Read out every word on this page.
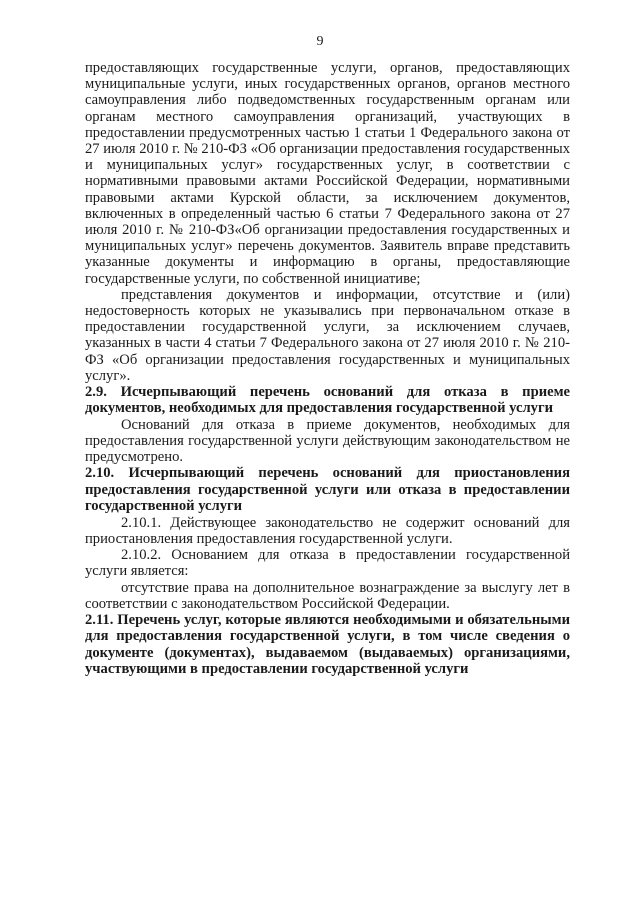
9

предоставляющих государственные услуги, органов, предоставляющих муниципальные услуги, иных государственных органов, органов местного самоуправления либо подведомственных государственным органам или органам местного самоуправления организаций, участвующих в предоставлении предусмотренных частью 1 статьи 1 Федерального закона от 27 июля 2010 г. № 210-ФЗ «Об организации предоставления государственных и муниципальных услуг» государственных услуг, в соответствии с нормативными правовыми актами Российской Федерации, нормативными правовыми актами Курской области, за исключением документов, включенных в определенный частью 6 статьи 7 Федерального закона от 27 июля 2010 г. № 210-ФЗ«Об организации предоставления государственных и муниципальных услуг» перечень документов. Заявитель вправе представить указанные документы и информацию в органы, предоставляющие государственные услуги, по собственной инициативе;

представления документов и информации, отсутствие и (или) недостоверность которых не указывались при первоначальном отказе в предоставлении государственной услуги, за исключением случаев, указанных в части 4 статьи 7 Федерального закона от 27 июля 2010 г. № 210-ФЗ «Об организации предоставления государственных и муниципальных услуг».

2.9. Исчерпывающий перечень оснований для отказа в приеме документов, необходимых для предоставления государственной услуги

Оснований для отказа в приеме документов, необходимых для предоставления государственной услуги действующим законодательством не предусмотрено.

2.10. Исчерпывающий перечень оснований для приостановления предоставления государственной услуги или отказа в предоставлении государственной услуги

2.10.1. Действующее законодательство не содержит оснований для приостановления предоставления государственной услуги.

2.10.2. Основанием для отказа в предоставлении государственной услуги является:

отсутствие права на дополнительное вознаграждение за выслугу лет в соответствии с законодательством Российской Федерации.

2.11. Перечень услуг, которые являются необходимыми и обязательными для предоставления государственной услуги, в том числе сведения о документе (документах), выдаваемом (выдаваемых) организациями, участвующими в предоставлении государственной услуги
